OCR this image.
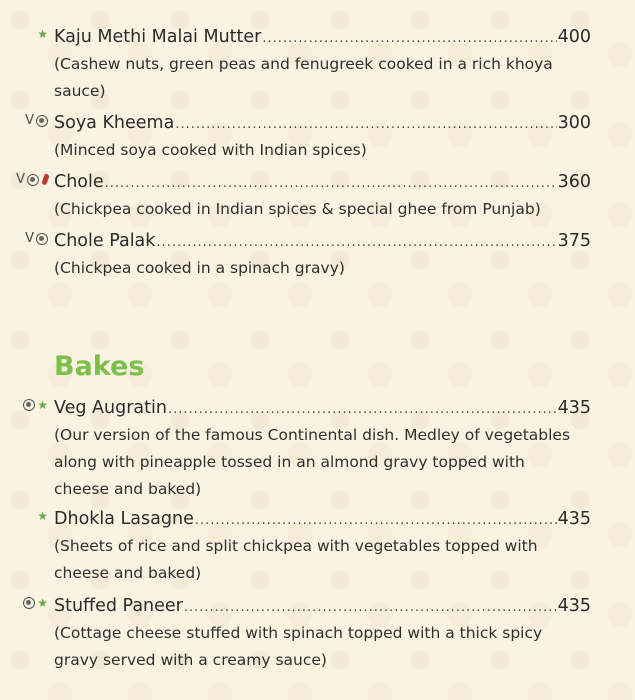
★ Kaju Methi Malai Mutter .....	400
(Cashew nuts, green peas and fenugreek cooked in a rich khoya sauce)
V Soya Kheema .....	300
(Minced soya cooked with Indian spices)
V Chole .....	360
(Chickpea cooked in Indian spices & special ghee from Punjab)
V Chole Palak .....	375
(Chickpea cooked in a spinach gravy)
Bakes
★ Veg Augratin .....	435
(Our version of the famous Continental dish. Medley of vegetables along with pineapple tossed in an almond gravy topped with cheese and baked)
★ Dhokla Lasagne .....	435
(Sheets of rice and split chickpea with vegetables topped with cheese and baked)
★ Stuffed Paneer .....	435
(Cottage cheese stuffed with spinach topped with a thick spicy gravy served with a creamy sauce)
